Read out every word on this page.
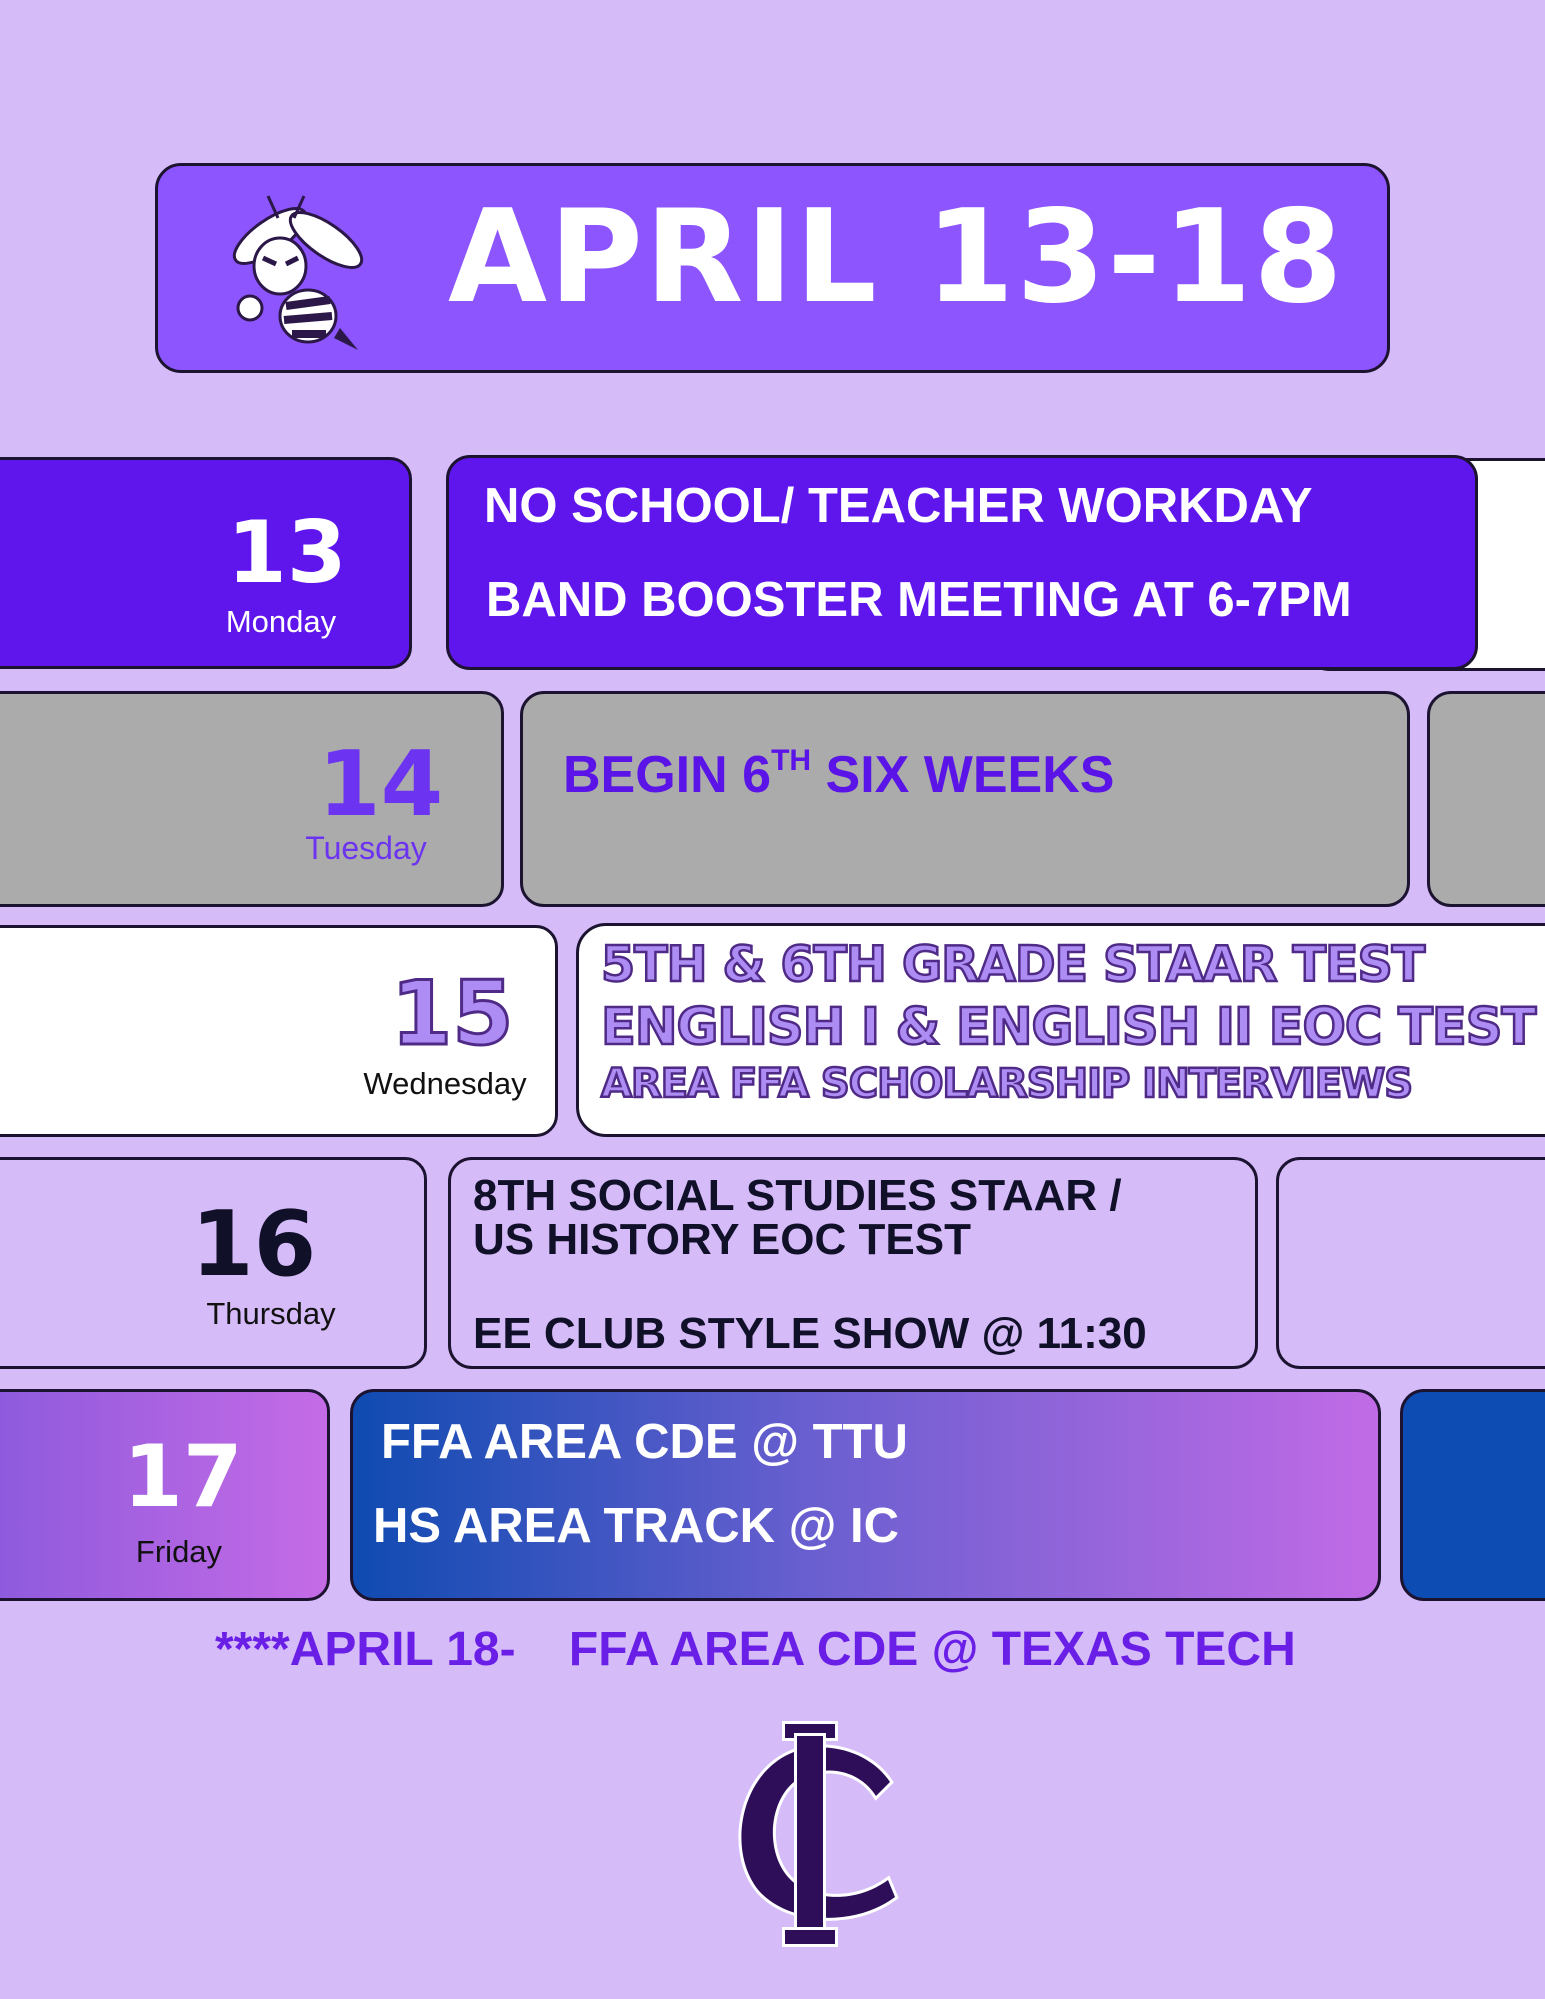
APRIL 13-18

13

Monday

NO SCHOOL/ TEACHER WORKDAY

BAND BOOSTER MEETING AT 6-7PM

14

Tuesday

BEGIN 6TH SIX WEEKS

15

Wednesday

5TH & 6TH GRADE STAAR TEST

ENGLISH I & ENGLISH II EOC TEST

AREA FFA SCHOLARSHIP INTERVIEWS

16

Thursday

8TH SOCIAL STUDIES STAAR /

US HISTORY EOC TEST

EE CLUB STYLE SHOW @ 11:30

17

Friday

FFA AREA CDE @ TTU

HS AREA TRACK @ IC

****APRIL 18-    FFA AREA CDE @ TEXAS TECH
